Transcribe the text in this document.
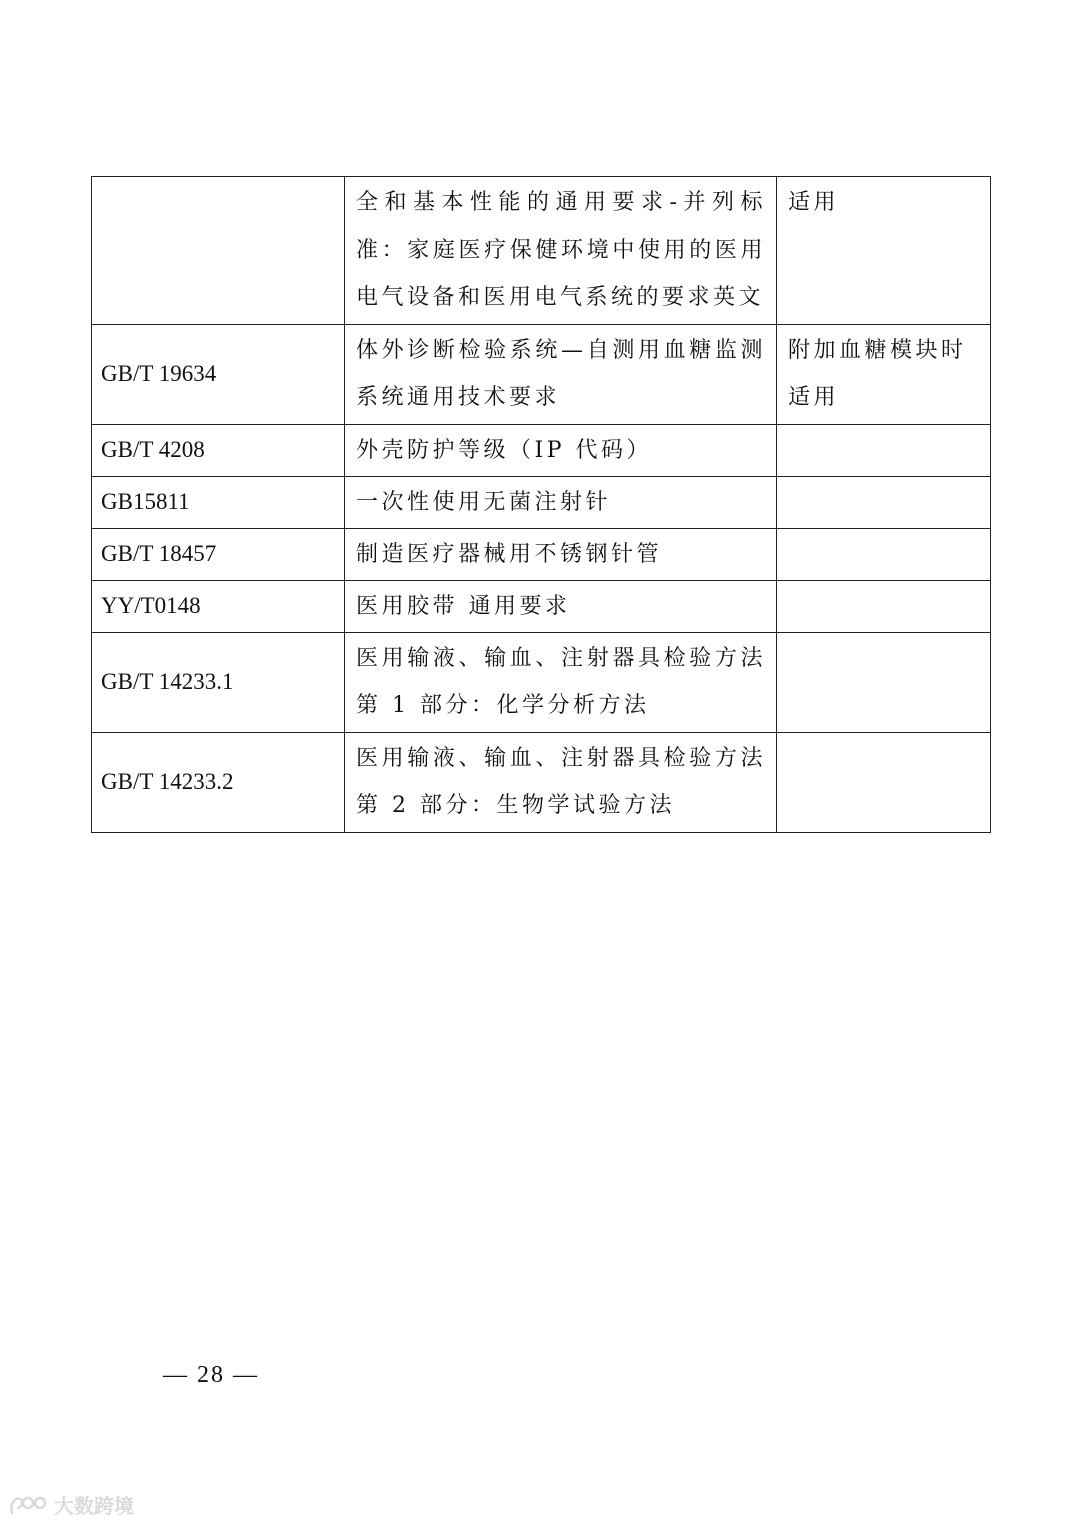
	全和基本性能的通用要求-并列标准：家庭医疗保健环境中使用的医用电气设备和医用电气系统的要求英文	适用
GB/T 19634	体外诊断检验系统—自测用血糖监测系统通用技术要求	附加血糖模块时适用
GB/T 4208	外壳防护等级（IP 代码）	
GB15811	一次性使用无菌注射针	
GB/T 18457	制造医疗器械用不锈钢针管	
YY/T0148	医用胶带 通用要求	
GB/T 14233.1	医用输液、输血、注射器具检验方法第 1 部分：化学分析方法	
GB/T 14233.2	医用输液、输血、注射器具检验方法第 2 部分：生物学试验方法	
— 28 —
大数跨境
